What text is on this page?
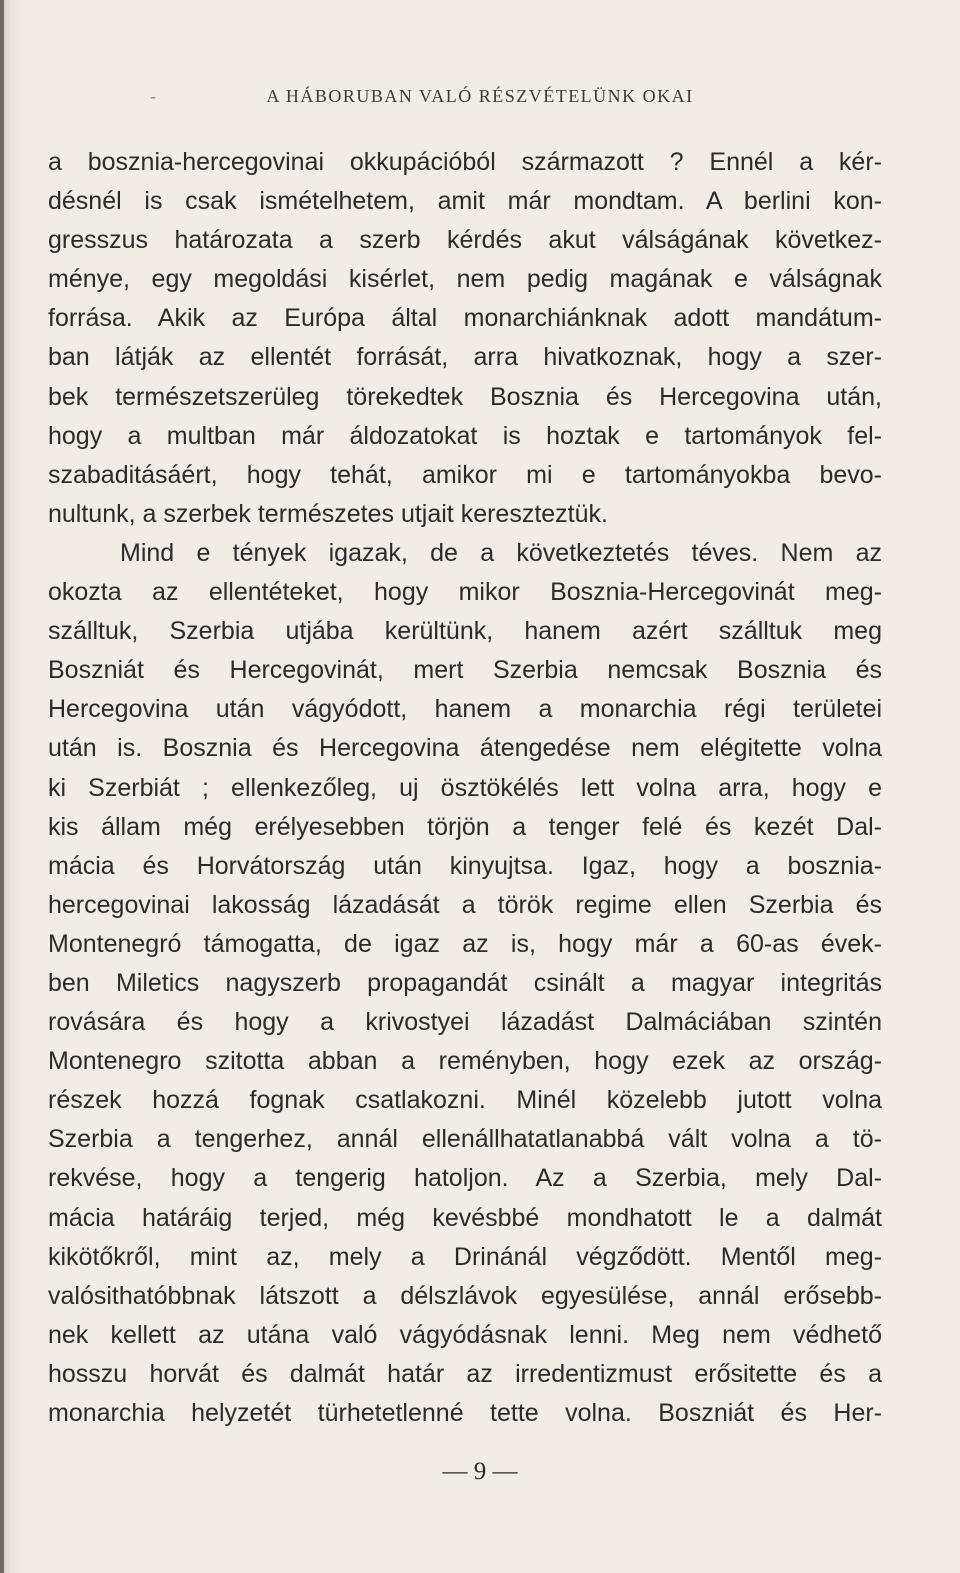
-	A HÁBORUBAN VALÓ RÉSZVÉTELÜNK OKAI
a bosznia-hercegovinai okkupációból származott ? Ennél a kér-
désnél is csak ismételhetem, amit már mondtam. A berlini kon-
gresszus határozata a szerb kérdés akut válságának következ-
ménye, egy megoldási kisérlet, nem pedig magának e válságnak
forrása. Akik az Európa által monarchiánknak adott mandátum-
ban látják az ellentét forrását, arra hivatkoznak, hogy a szer-
bek természetszerüleg törekedtek Bosznia és Hercegovina után,
hogy a multban már áldozatokat is hoztak e tartományok fel-
szabaditásáért, hogy tehát, amikor mi e tartományokba bevo-
nultunk, a szerbek természetes utjait kereszteztük.
Mind e tények igazak, de a következtetés téves. Nem az
okozta az ellentéteket, hogy mikor Bosznia-Hercegovinát meg-
szálltuk, Szerbia utjába kerültünk, hanem azért szálltuk meg
Boszniát és Hercegovinát, mert Szerbia nemcsak Bosznia és
Hercegovina után vágyódott, hanem a monarchia régi területei
után is. Bosznia és Hercegovina átengedése nem elégitette volna
ki Szerbiát ; ellenkezőleg, uj ösztökélés lett volna arra, hogy e
kis állam még erélyesebben törjön a tenger felé és kezét Dal-
mácia és Horvátország után kinyujtsa. Igaz, hogy a bosznia-
hercegovinai lakosság lázadását a török regime ellen Szerbia és
Montenegró támogatta, de igaz az is, hogy már a 60-as évek-
ben Miletics nagyszerb propagandát csinált a magyar integritás
rovására és hogy a krivostyei lázadást Dalmáciában szintén
Montenegro szitotta abban a reményben, hogy ezek az ország-
részek hozzá fognak csatlakozni. Minél közelebb jutott volna
Szerbia a tengerhez, annál ellenállhatatlanabbá vált volna a tö-
rekvése, hogy a tengerig hatoljon. Az a Szerbia, mely Dal-
mácia határáig terjed, még kevésbbé mondhatott le a dalmát
kikötőkről, mint az, mely a Drinánál végződött. Mentől meg-
valósithatóbbnak látszott a délszlávok egyesülése, annál erősebb-
nek kellett az utána való vágyódásnak lenni. Meg nem védhető
hosszu horvát és dalmát határ az irredentizmust erősitette és a
monarchia helyzetét türhetetlenné tette volna. Boszniát és Her-
— 9 —
